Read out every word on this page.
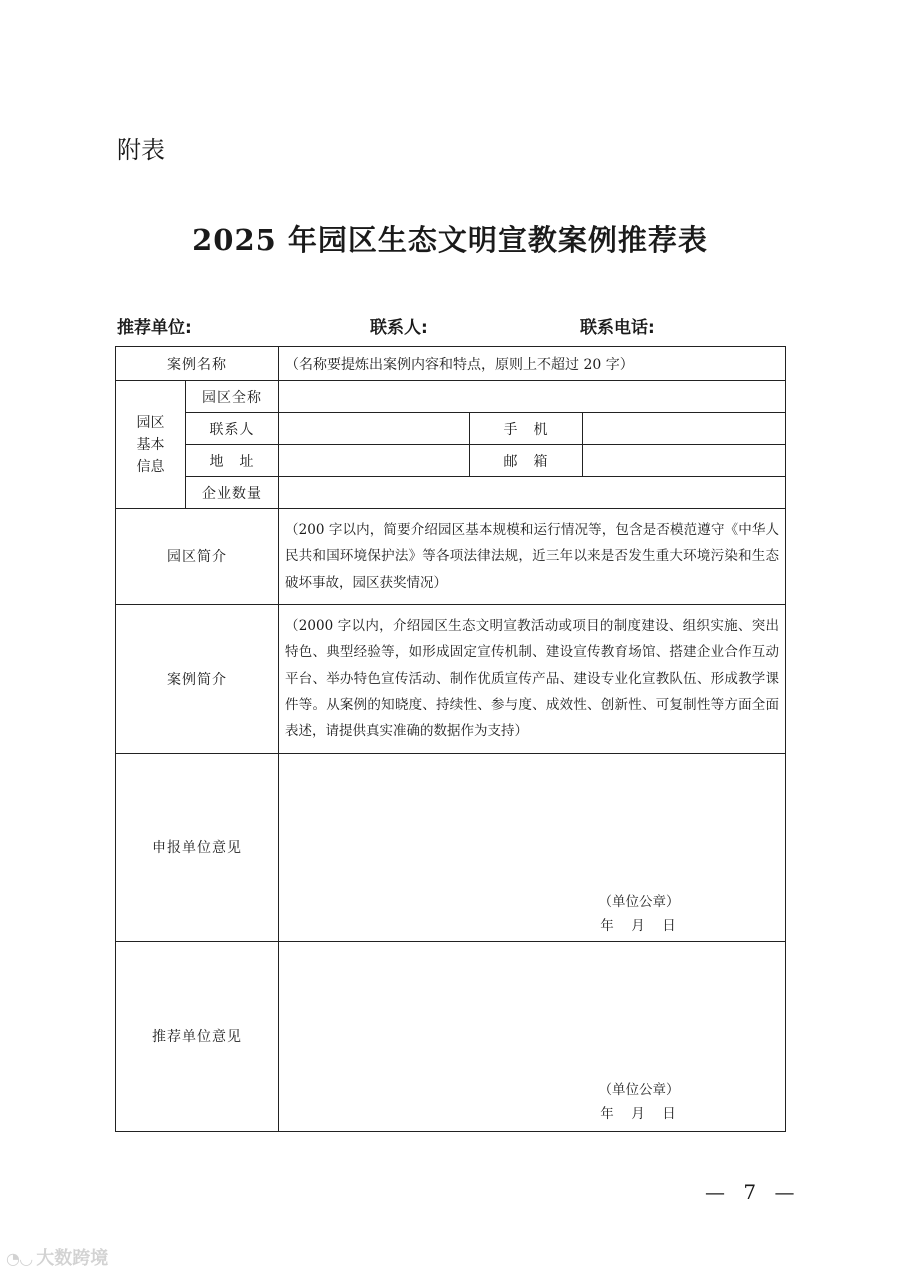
附表
2025 年园区生态文明宣教案例推荐表
推荐单位:	联系人:	联系电话:
案例名称		（名称要提炼出案例内容和特点，原则上不超过 20 字）		

园区
基本
信息	园区全称			
	联系人		手　机	
	地　址		邮　箱	
	企业数量			
园区简介		（200 字以内，简要介绍园区基本规模和运行情况等，包含是否模范遵守《中华人民共和国环境保护法》等各项法律法规，近三年以来是否发生重大环境污染和生态破坏事故，园区获奖情况）		
案例简介		（2000 字以内，介绍园区生态文明宣教活动或项目的制度建设、组织实施、突出特色、典型经验等，如形成固定宣传机制、建设宣传教育场馆、搭建企业合作互动平台、举办特色宣传活动、制作优质宣传产品、建设专业化宣教队伍、形成教学课件等。从案例的知晓度、持续性、参与度、成效性、创新性、可复制性等方面全面表述，请提供真实准确的数据作为支持）		
申报单位意见		（单位公章）
年　月　日		

推荐单位意见		（单位公章）
年　月　日		
— 7 —
◔◡ 大数跨境
